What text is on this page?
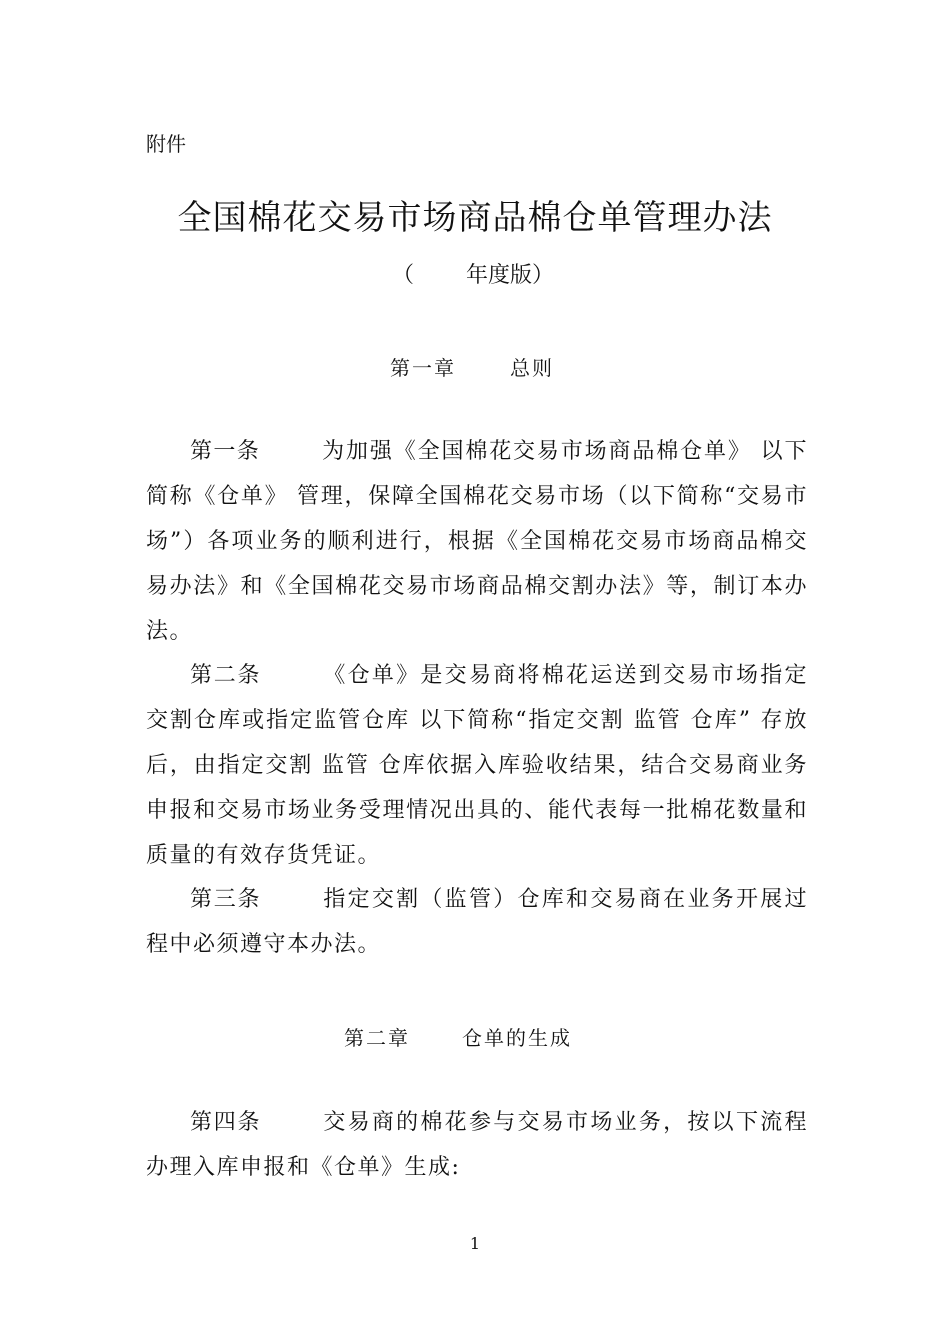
附件
全国棉花交易市场商品棉仓单管理办法
（ 年度版）
第一章	总则
第一条	为加强《全国棉花交易市场商品棉仓单》 以下简称《仓单》 管理，保障全国棉花交易市场（以下简称“交易市场”）各项业务的顺利进行，根据《全国棉花交易市场商品棉交易办法》和《全国棉花交易市场商品棉交割办法》等，制订本办法。
第二条	《仓单》是交易商将棉花运送到交易市场指定交割仓库或指定监管仓库 以下简称“指定交割 监管 仓库” 存放后，由指定交割 监管 仓库依据入库验收结果，结合交易商业务申报和交易市场业务受理情况出具的、能代表每一批棉花数量和质量的有效存货凭证。
第三条	指定交割（监管）仓库和交易商在业务开展过程中必须遵守本办法。
第二章	仓单的生成
第四条	交易商的棉花参与交易市场业务，按以下流程办理入库申报和《仓单》生成:
1
